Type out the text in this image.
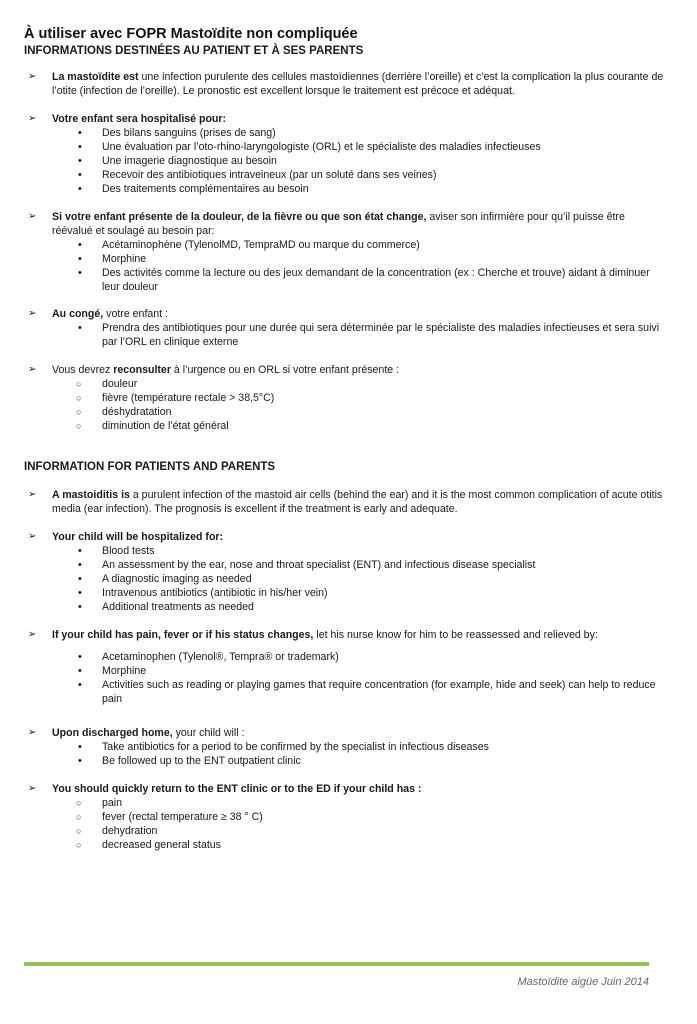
À utiliser avec FOPR Mastoïdite non compliquée
INFORMATIONS DESTINÉES AU PATIENT ET À SES PARENTS
➢ La mastoïdite est une infection purulente des cellules mastoïdiennes (derrière l’oreille) et c’est la complication la plus courante de l’otite (infection de l’oreille). Le pronostic est excellent lorsque le traitement est précoce et adéquat.
➢ Votre enfant sera hospitalisé pour:
• Des bilans sanguins (prises de sang)
• Une évaluation par l’oto-rhino-laryngologiste (ORL) et le spécialiste des maladies infectieuses
• Une imagerie diagnostique au besoin
• Recevoir des antibiotiques intraveineux (par un soluté dans ses veines)
• Des traitements complémentaires au besoin
➢ Si votre enfant présente de la douleur, de la fièvre ou que son état change, aviser son infirmière pour qu’il puisse être réévalué et soulagé au besoin par:
• Acétaminophène (TylenolMD, TempraMD ou marque du commerce)
• Morphine
• Des activités comme la lecture ou des jeux demandant de la concentration (ex : Cherche et trouve) aidant à diminuer leur douleur
➢ Au congé, votre enfant :
• Prendra des antibiotiques pour une durée qui sera déterminée par le spécialiste des maladies infectieuses et sera suivi par l’ORL en clinique externe
➢ Vous devrez reconsulter à l’urgence ou en ORL si votre enfant présente :
○ douleur
○ fièvre (température rectale > 38,5°C)
○ déshydratation
○ diminution de l’état général
INFORMATION FOR PATIENTS AND PARENTS
➢ A mastoiditis is a purulent infection of the mastoid air cells (behind the ear) and it is the most common complication of acute otitis media (ear infection). The prognosis is excellent if the treatment is early and adequate.
➢ Your child will be hospitalized for:
• Blood tests
• An assessment by the ear, nose and throat specialist (ENT) and infectious disease specialist
• A diagnostic imaging as needed
• Intravenous antibiotics (antibiotic in his/her vein)
• Additional treatments as needed
➢ If your child has pain, fever or if his status changes, let his nurse know for him to be reassessed and relieved by:
• Acetaminophen (Tylenol®, Tempra® or trademark)
• Morphine
• Activities such as reading or playing games that require concentration (for example, hide and seek) can help to reduce pain
➢ Upon discharged home, your child will :
• Take antibiotics for a period to be confirmed by the specialist in infectious diseases
• Be followed up to the ENT outpatient clinic
➢ You should quickly return to the ENT clinic or to the ED if your child has :
○ pain
○ fever (rectal temperature ≥ 38 ° C)
○ dehydration
○ decreased general status
Mastoïdite aigüe Juin 2014
